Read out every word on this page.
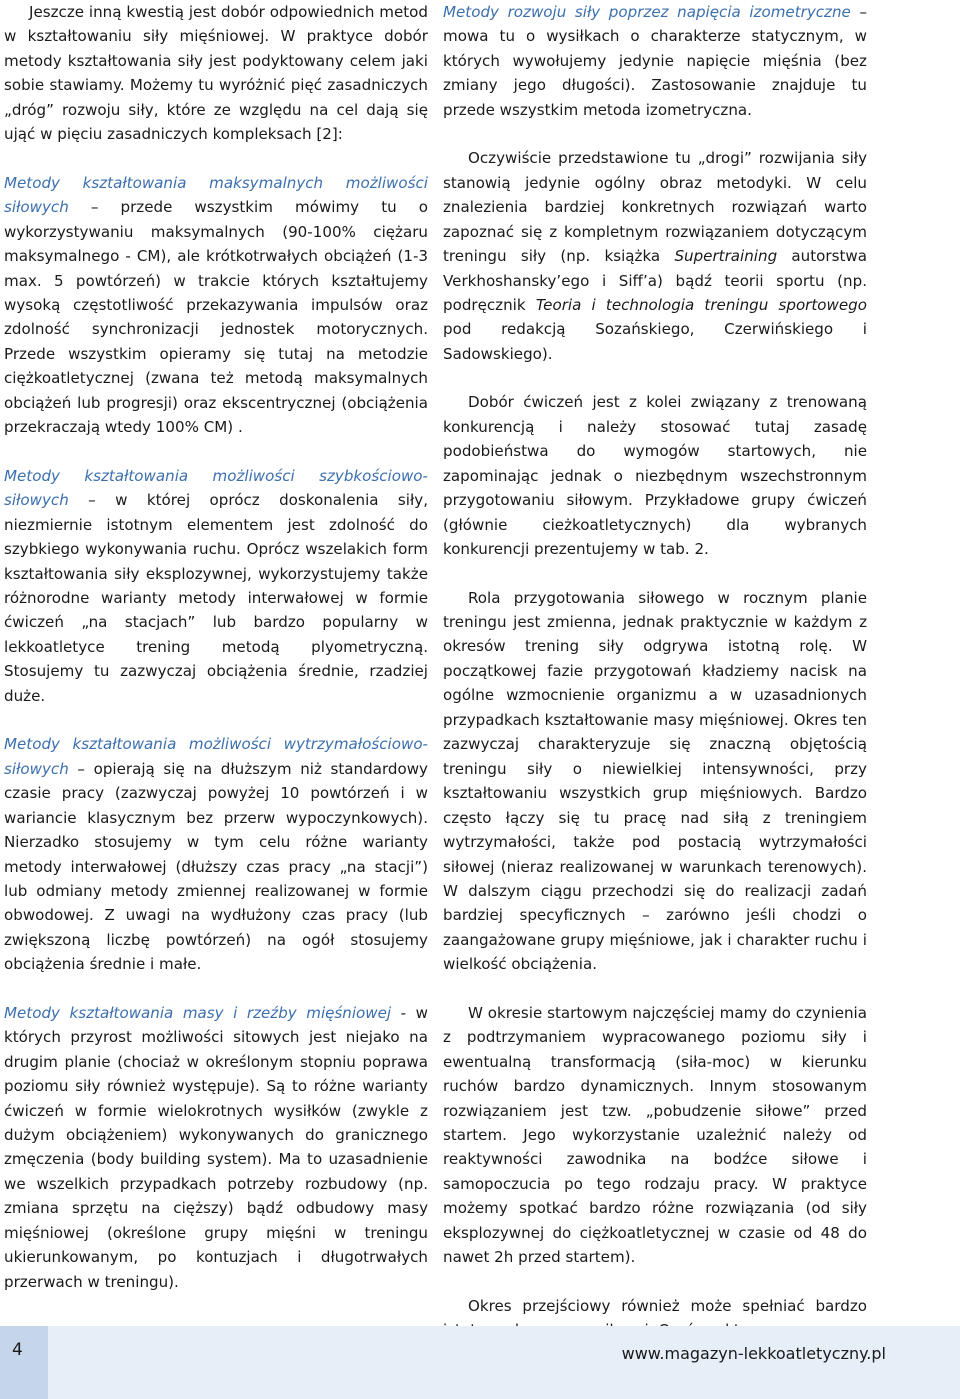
Jeszcze inną kwestią jest dobór odpowiednich metod w kształtowaniu siły mięśniowej. W praktyce dobór metody kształtowania siły jest podyktowany celem jaki sobie stawiamy. Możemy tu wyróżnić pięć zasadniczych „dróg” rozwoju siły, które ze względu na cel dają się ująć w pięciu zasadniczych kompleksach [2]:

Metody kształtowania maksymalnych możliwości siłowych – przede wszystkim mówimy tu o wykorzystywaniu maksymalnych (90-100% ciężaru maksymalnego - CM), ale krótkotrwałych obciążeń (1-3 max. 5 powtórzeń) w trakcie których kształtujemy wysoką częstotliwość przekazywania impulsów oraz zdolność synchronizacji jednostek motorycznych. Przede wszystkim opieramy się tutaj na metodzie ciężkoatletycznej (zwana też metodą maksymalnych obciążeń lub progresji) oraz ekscentrycznej (obciążenia przekraczają wtedy 100% CM) .

Metody kształtowania możliwości szybkościowo-siłowych – w której oprócz doskonalenia siły, niezmiernie istotnym elementem jest zdolność do szybkiego wykonywania ruchu. Oprócz wszelakich form kształtowania siły eksplozywnej, wykorzystujemy także różnorodne warianty metody interwałowej w formie ćwiczeń „na stacjach” lub bardzo popularny w lekkoatletyce trening metodą plyometryczną. Stosujemy tu zazwyczaj obciążenia średnie, rzadziej duże.

Metody kształtowania możliwości wytrzymałościowo-siłowych – opierają się na dłuższym niż standardowy czasie pracy (zazwyczaj powyżej 10 powtórzeń i w wariancie klasycznym bez przerw wypoczynkowych). Nierzadko stosujemy w tym celu różne warianty metody interwałowej (dłuższy czas pracy „na stacji”) lub odmiany metody zmiennej realizowanej w formie obwodowej. Z uwagi na wydłużony czas pracy (lub zwiększoną liczbę powtórzeń) na ogół stosujemy obciążenia średnie i małe.

Metody kształtowania masy i rzeźby mięśniowej - w których przyrost możliwości sitowych jest niejako na drugim planie (chociaż w określonym stopniu poprawa poziomu siły również występuje). Są to różne warianty ćwiczeń w formie wielokrotnych wysiłków (zwykle z dużym obciążeniem) wykonywanych do granicznego zmęczenia (body building system). Ma to uzasadnienie we wszelkich przypadkach potrzeby rozbudowy (np. zmiana sprzętu na cięższy) bądź odbudowy masy mięśniowej (określone grupy mięśni w treningu ukierunkowanym, po kontuzjach i długotrwałych przerwach w treningu).

Metody rozwoju siły poprzez napięcia izometryczne – mowa tu o wysiłkach o charakterze statycznym, w których wywołujemy jedynie napięcie mięśnia (bez zmiany jego długości). Zastosowanie znajduje tu przede wszystkim metoda izometryczna.

Oczywiście przedstawione tu „drogi” rozwijania siły stanowią jedynie ogólny obraz metodyki. W celu znalezienia bardziej konkretnych rozwiązań warto zapoznać się z kompletnym rozwiązaniem dotyczącym treningu siły (np. książka Supertraining autorstwa Verkhoshansky’ego i Siff’a) bądź teorii sportu (np. podręcznik Teoria i technologia treningu sportowego pod redakcją Sozańskiego, Czerwińskiego i Sadowskiego).

Dobór ćwiczeń jest z kolei związany z trenowaną konkurencją i należy stosować tutaj zasadę podobieństwa do wymogów startowych, nie zapominając jednak o niezbędnym wszechstronnym przygotowaniu siłowym. Przykładowe grupy ćwiczeń (głównie cieżkoatletycznych) dla wybranych konkurencji prezentujemy w tab. 2.

Rola przygotowania siłowego w rocznym planie treningu jest zmienna, jednak praktycznie w każdym z okresów trening siły odgrywa istotną rolę. W początkowej fazie przygotowań kładziemy nacisk na ogólne wzmocnienie organizmu a w uzasadnionych przypadkach kształtowanie masy mięśniowej. Okres ten zazwyczaj charakteryzuje się znaczną objętością treningu siły o niewielkiej intensywności, przy kształtowaniu wszystkich grup mięśniowych. Bardzo często łączy się tu pracę nad siłą z treningiem wytrzymałości, także pod postacią wytrzymałości siłowej (nieraz realizowanej w warunkach terenowych). W dalszym ciągu przechodzi się do realizacji zadań bardziej specyficznych – zarówno jeśli chodzi o zaangażowane grupy mięśniowe, jak i charakter ruchu i wielkość obciążenia.

W okresie startowym najczęściej mamy do czynienia z podtrzymaniem wypracowanego poziomu siły i ewentualną transformacją (siła-moc) w kierunku ruchów bardzo dynamicznych. Innym stosowanym rozwiązaniem jest tzw. „pobudzenie siłowe” przed startem. Jego wykorzystanie uzależnić należy od reaktywności zawodnika na bodźce siłowe i samopoczucia po tego rodzaju pracy. W praktyce możemy spotkać bardzo różne rozwiązania (od siły eksplozywnej do ciężkoatletycznej w czasie od 48 do nawet 2h przed startem).

Okres przejściowy również może spełniać bardzo

4	www.magazyn-lekkoatletyczny.pl
